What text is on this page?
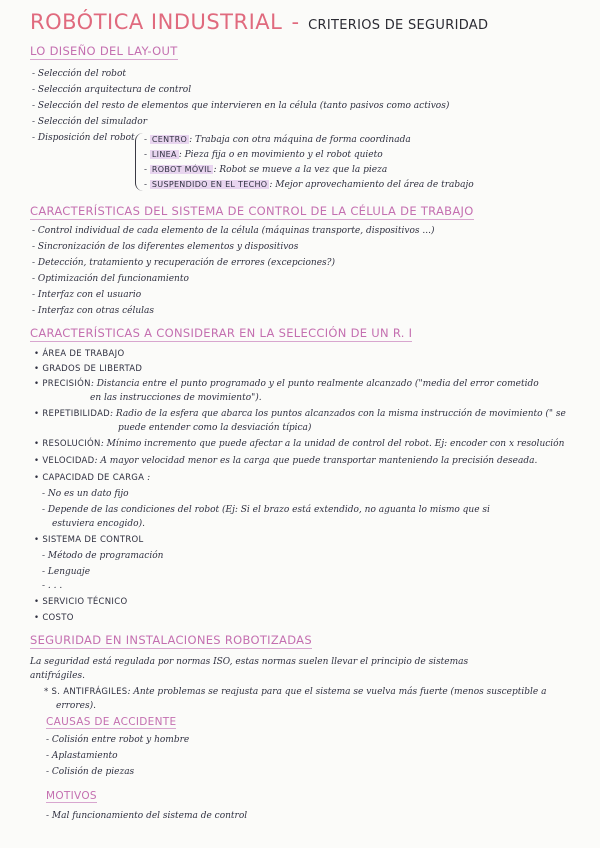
ROBÓTICA INDUSTRIAL - CRITERIOS DE SEGURIDAD
LO DISEÑO DEL LAY-OUT
- Selección del robot
- Selección arquitectura de control
- Selección del resto de elementos que intervieren en la célula (tanto pasivos como activos)
- Selección del simulador
- Disposición del robot - CENTRO : Trabaja con otra máquina de forma coordinada
- LINEA : Pieza fija o en movimiento y el robot quieto
- ROBOT MÓVIL : Robot se mueve a la vez que la pieza
- SUSPENDIDO EN EL TECHO : Mejor aprovechamiento del área de trabajo
CARACTERÍSTICAS DEL SISTEMA DE CONTROL DE LA CÉLULA DE TRABAJO
- Control individual de cada elemento de la célula (máquinas transporte, dispositivos ...)
- Sincronización de los diferentes elementos y dispositivos
- Detección, tratamiento y recuperación de errores (excepciones?)
- Optimización del funcionamiento
- Interfaz con el usuario
- Interfaz con otras células
CARACTERÍSTICAS A CONSIDERAR EN LA SELECCIÓN DE UN R. I
• ÁREA DE TRABAJO
• GRADOS DE LIBERTAD
• PRECISIÓN: Distancia entre el punto programado y el punto realmente alcanzado ("media del error cometido
en las instrucciones de movimiento").
• REPETIBILIDAD: Radio de la esfera que abarca los puntos alcanzados con la misma instrucción de movimiento (" se
puede entender como la desviación típica)
• RESOLUCIÓN: Mínimo incremento que puede afectar a la unidad de control del robot. Ej: encoder con x resolución
• VELOCIDAD: A mayor velocidad menor es la carga que puede transportar manteniendo la precisión deseada.
• CAPACIDAD DE CARGA :
- No es un dato fijo
- Depende de las condiciones del robot (Ej: Si el brazo está extendido, no aguanta lo mismo que si
estuviera encogido).
• SISTEMA DE CONTROL
- Método de programación
- Lenguaje
- . . .
• SERVICIO TÉCNICO
• COSTO
SEGURIDAD EN INSTALACIONES ROBOTIZADAS
La seguridad está regulada por normas ISO, estas normas suelen llevar el principio de sistemas
antifrágiles.
* S. ANTIFRÁGILES: Ante problemas se reajusta para que el sistema se vuelva más fuerte (menos susceptible a
errores).
CAUSAS DE ACCIDENTE
- Colisión entre robot y hombre
- Aplastamiento
- Colisión de piezas
MOTIVOS
- Mal funcionamiento del sistema de control
